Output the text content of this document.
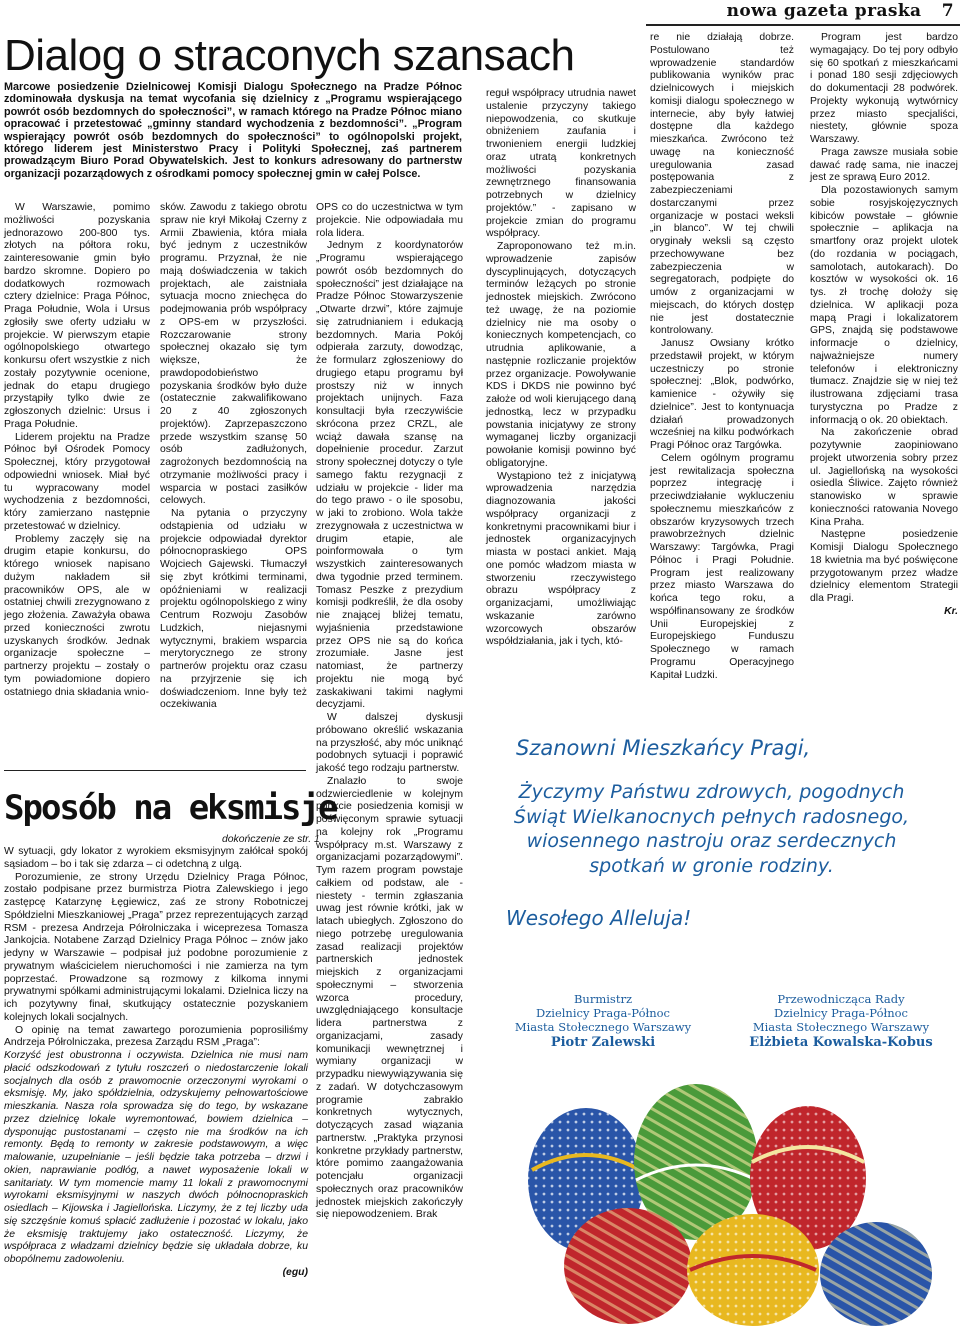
nowa gazeta praska 7
Dialog o straconych szansach

Marcowe posiedzenie Dzielnicowej Komisji Dialogu Społecznego na Pradze Północ zdominowała dyskusja na temat wycofania się dzielnicy z „Programu wspierającego powrót osób bezdomnych do społeczności”, w ramach którego na Pradze Północ miano opracować i przetestować „gminny standard wychodzenia z bezdomności”. „Program wspierający powrót osób bezdomnych do społeczności” to ogólnopolski projekt, którego liderem jest Ministerstwo Pracy i Polityki Społecznej, zaś partnerem prowadzącym Biuro Porad Obywatelskich. Jest to konkurs adresowany do partnerstw organizacji pozarządowych z ośrodkami pomocy społecznej gmin w całej Polsce.

W Warszawie, pomimo możliwości pozyskania jednorazowo 200-800 tys. złotych na półtora roku, zainteresowanie gmin było bardzo skromne. Dopiero po dodatkowych rozmowach cztery dzielnice: Praga Północ, Praga Południe, Wola i Ursus zgłosiły swe oferty udziału w projekcie. W pierwszym etapie ogólnopolskiego otwartego konkursu ofert wszystkie z nich zostały pozytywnie ocenione, jednak do etapu drugiego przystąpiły tylko dwie ze zgłoszonych dzielnic: Ursus i Praga Południe.

Liderem projektu na Pradze Północ był Ośrodek Pomocy Społecznej, który przygotował odpowiedni wniosek. Miał być tu wypracowany model wychodzenia z bezdomności, który zamierzano następnie przetestować w dzielnicy.

Problemy zaczęły się na drugim etapie konkursu, do którego wniosek napisano dużym nakładem sił pracowników OPS, ale w ostatniej chwili zrezygnowano z jego złożenia. Zaważyła obawa przed konieczności zwrotu uzyskanych środków. Jednak organizacje społeczne – partnerzy projektu – zostały o tym powiadomione dopiero ostatniego dnia składania wnio-

sków. Zawodu z takiego obrotu spraw nie krył Mikołaj Czerny z Armii Zbawienia, która miała być jednym z uczestników programu. Przyznał, że nie mają doświadczenia w takich projektach, ale zaistniała sytuacja mocno zniechęca do podejmowania prób współpracy z OPS-em w przyszłości. Rozczarowanie strony społecznej okazało się tym większe, że prawdopodobieństwo pozyskania środków było duże (ostatecznie zakwalifikowano 20 z 40 zgłoszonych projektów). Zaprzepaszczono przede wszystkim szansę 50 osób zadłużonych, zagrożonych bezdomnością na otrzymanie możliwości pracy i wsparcia w postaci zasiłków celowych.

Na pytania o przyczyny odstąpienia od udziału w projekcie odpowiadał dyrektor północnopraskiego OPS Wojciech Gajewski. Tłumaczył się zbyt krótkimi terminami, opóźnieniami w realizacji projektu ogólnopolskiego z winy Centrum Rozwoju Zasobów Ludzkich, niejasnymi wytycznymi, brakiem wsparcia merytorycznego ze strony partnerów projektu oraz czasu na przyjrzenie się ich doświadczeniom. Inne były też oczekiwania

OPS co do uczestnictwa w tym projekcie. Nie odpowiadała mu rola lidera.

Jednym z koordynatorów „Programu wspierającego powrót osób bezdomnych do społeczności” jest działające na Pradze Północ Stowarzyszenie „Otwarte drzwi”, które zajmuje się zatrudnianiem i edukacją bezdomnych. Maria Pokój odpierała zarzuty, dowodząc, że formularz zgłoszeniowy do drugiego etapu programu był prostszy niż w innych projektach unijnych. Faza konsultacji była rzeczywiście skrócona przez CRZL, ale wciąż dawała szansę na dopełnienie procedur. Zarzut strony społecznej dotyczy o tyle samego faktu rezygnacji z udziału w projekcie - lider ma do tego prawo - o ile sposobu, w jaki to zrobiono. Wola także zrezygnowała z uczestnictwa w drugim etapie, ale poinformowała o tym wszystkich zainteresowanych dwa tygodnie przed terminem. Tomasz Peszke z prezydium komisji podkreślił, że dla osoby nie znającej bliżej tematu, wyjaśnienia przedstawione przez OPS nie są do końca zrozumiałe. Jasne jest natomiast, że partnerzy projektu nie mogą być zaskakiwani takimi nagłymi decyzjami.

W dalszej dyskusji próbowano określić wskazania na przyszłość, aby móc uniknąć podobnych sytuacji i poprawić jakość tego rodzaju partnerstw.

Znalazło to swoje odzwierciedlenie w kolejnym punkcie posiedzenia komisji w poświęconym sprawie sytuacji na kolejny rok „Programu współpracy m.st. Warszawy z organizacjami pozarządowymi”. Tym razem program powstaje całkiem od podstaw, ale - niestety - termin zgłaszania uwag jest równie krótki, jak w latach ubiegłych. Zgłoszono do niego potrzebę uregulowania zasad realizacji projektów partnerskich jednostek miejskich z organizacjami społecznymi – stworzenia wzorca procedury, uwzględniającego konsultacje lidera partnerstwa z organizacjami, zasady komunikacji wewnętrznej i wymiany organizacji w przypadku niewywiązywania się z zadań. W dotychczasowym programie zabrakło konkretnych wytycznych, dotyczących zasad wiązania partnerstw. „Praktyka przynosi konkretne przykłady partnerstw, które pomimo zaangażowania potencjału organizacji społecznych oraz pracowników jednostek miejskich zakończyły się niepowodzeniem. Brak

reguł współpracy utrudnia nawet ustalenie przyczyny takiego niepowodzenia, co skutkuje obniżeniem zaufania i trwonieniem energii ludzkiej oraz utratą konkretnych możliwości pozyskania zewnętrznego finansowania potrzebnych w dzielnicy projektów.” - zapisano w projekcie zmian do programu współpracy.

Zaproponowano też m.in. wprowadzenie zapisów dyscyplinujących, dotyczących terminów leżących po stronie jednostek miejskich. Zwrócono też uwagę, że na poziomie dzielnicy nie ma osoby o koniecznych kompetencjach, co utrudnia aplikowanie, a następnie rozliczanie projektów przez organizacje. Powoływanie KDS i DKDS nie powinno być założe od woli kierującego daną jednostką, lecz w przypadku powstania inicjatywy ze strony wymaganej liczby organizacji powołanie komisji powinno być obligatoryjne.

Wystąpiono też z inicjatywą wprowadzenia narzędzia diagnozowania jakości współpracy organizacji z konkretnymi pracownikami biur i jednostek organizacyjnych miasta w postaci ankiet. Mają one pomóc władzom miasta w stworzeniu rzeczywistego obrazu współpracy z organizacjami, umożliwiając wskazanie zarówno wzorcowych obszarów współdziałania, jak i tych, któ-

re nie działają dobrze. Postulowano też wprowadzenie standardów publikowania wyników prac dzielnicowych i miejskich komisji dialogu społecznego w internecie, aby były łatwiej dostępne dla każdego mieszkańca. Zwrócono też uwagę na konieczność uregulowania zasad postępowania z zabezpieczeniami dostarczanymi przez organizacje w postaci weksli „in blanco”. W tej chwili oryginały weksli są często przechowywane bez zabezpieczenia w segregatorach, podpięte do umów z organizacjami w miejscach, do których dostęp nie jest dostatecznie kontrolowany.

Janusz Owsiany krótko przedstawił projekt, w którym uczestniczy po stronie społecznej: „Blok, podwórko, kamienice - ożywiły się dzielnice”. Jest to kontynuacja działań prowadzonych wcześniej na kilku podwórkach Pragi Północ oraz Targówka.

Celem ogólnym programu jest rewitalizacja społeczna poprzez integrację i przeciwdziałanie wykluczeniu społecznemu mieszkańców z obszarów kryzysowych trzech prawobrzeżnych dzielnic Warszawy: Targówka, Pragi Północ i Pragi Południe. Program jest realizowany przez miasto Warszawa do końca tego roku, a współfinansowany ze środków Unii Europejskiej z Europejskiego Funduszu Społecznego w ramach Programu Operacyjnego Kapitał Ludzki.

Program jest bardzo wymagający. Do tej pory odbyło się 60 spotkań z mieszkańcami i ponad 180 sesji zdjęciowych do dokumentacji 28 podwórek. Projekty wykonują wytwórnicy przez miasto specjaliści, niestety, głównie spoza Warszawy.

Praga zawsze musiała sobie dawać radę sama, nie inaczej jest ze sprawą Euro 2012.

Dla pozostawionych samym sobie rosyjskojęzycznych kibiców powstałe – głównie społecznie – aplikacja na smartfony oraz projekt ulotek (do rozdania w pociągach, samolotach, autokarach). Do kosztów w wysokości ok. 16 tys. zł trochę dołoży się dzielnica. W aplikacji poza mapą Pragi i lokalizatorem GPS, znajdą się podstawowe informacje o dzielnicy, najważniejsze numery telefonów i elektroniczny tłumacz. Znajdzie się w niej też ilustrowana zdjęciami trasa turystyczna po Pradze z informacją o ok. 20 obiektach.

Na zakończenie obrad pozytywnie zaopiniowano projekt utworzenia sobry przez ul. Jagiellońską na wysokości osiedla Śliwice. Zajęto również stanowisko w sprawie konieczności ratowania Novego Kina Praha.

Następne posiedzenie Komisji Dialogu Społecznego 18 kwietnia ma być poświęcone przygotowanym przez władze dzielnicy elementom Strategii dla Pragi.

Kr.

Sposób na eksmisje
dokończenie ze str. 1

W sytuacji, gdy lokator z wyrokiem eksmisyjnym załółcał spokój sąsiadom – bo i tak się zdarza – ci odetchną z ulgą.

Porozumienie, ze strony Urzędu Dzielnicy Praga Północ, zostało podpisane przez burmistrza Piotra Zalewskiego i jego zastępcę Katarzynę Łęgiewicz, zaś ze strony Robotniczej Spółdzielni Mieszkaniowej „Praga” przez reprezentujących zarząd RSM - prezesa Andrzeja Półrolniczaka i wiceprezesa Tomasza Jankojcia. Notabene Zarząd Dzielnicy Praga Północ – znów jako jedyny w Warszawie – podpisał już podobne porozumienie z prywatnym właścicielem nieruchomości i nie zamierza na tym poprzestać. Prowadzone są rozmowy z kilkoma innymi prywatnymi spółkami administrującymi lokalami. Dzielnica liczy na ich pozytywny finał, skutkujący ostatecznie pozyskaniem kolejnych lokali socjalnych.

O opinię na temat zawartego porozumienia poprosiliśmy Andrzeja Półrolniczaka, prezesa Zarządu RSM „Praga”:

Korzyść jest obustronna i oczywista. Dzielnica nie musi nam płacić odszkodowań z tytułu roszczeń o niedostarczenie lokali socjalnych dla osób z prawomocnie orzeczonymi wyrokami o eksmisję. My, jako spółdzielnia, odzyskujemy pełnowartościowe mieszkania. Nasza rola sprowadza się do tego, by wskazane przez dzielnicę lokale wyremontować, bowiem dzielnica – dysponując pustostanami – często nie ma środków na ich remonty. Będą to remonty w zakresie podstawowym, a więc malowanie, uzupełnianie – jeśli będzie taka potrzeba – drzwi i okien, naprawianie podłóg, a nawet wyposażenie lokali w sanitariaty. W tym momencie mamy 11 lokali z prawomocnymi wyrokami eksmisyjnymi w naszych dwóch północnopraskich osiedlach – Kijowska i Jagiellońska. Liczymy, że z tej liczby uda się szczęśnie komuś spłacić zadłużenie i pozostać w lokalu, jako że eksmisję traktujemy jako ostateczność. Liczymy, że współpraca z władzami dzielnicy będzie się układała dobrze, ku obopólnemu zadowoleniu.

(egu)

Szanowni Mieszkańcy Pragi,
Życzymy Państwu zdrowych, pogodnych
Świąt Wielkanocnych pełnych radosnego,
wiosennego nastroju oraz serdecznych
spotkań w gronie rodziny.
Wesołego Alleluja!
Burmistrz
Dzielnicy Praga-Północ
Miasta Stołecznego Warszawy
Piotr Zalewski
Przewodnicząca Rady
Dzielnicy Praga-Północ
Miasta Stołecznego Warszawy
Elżbieta Kowalska-Kobus
